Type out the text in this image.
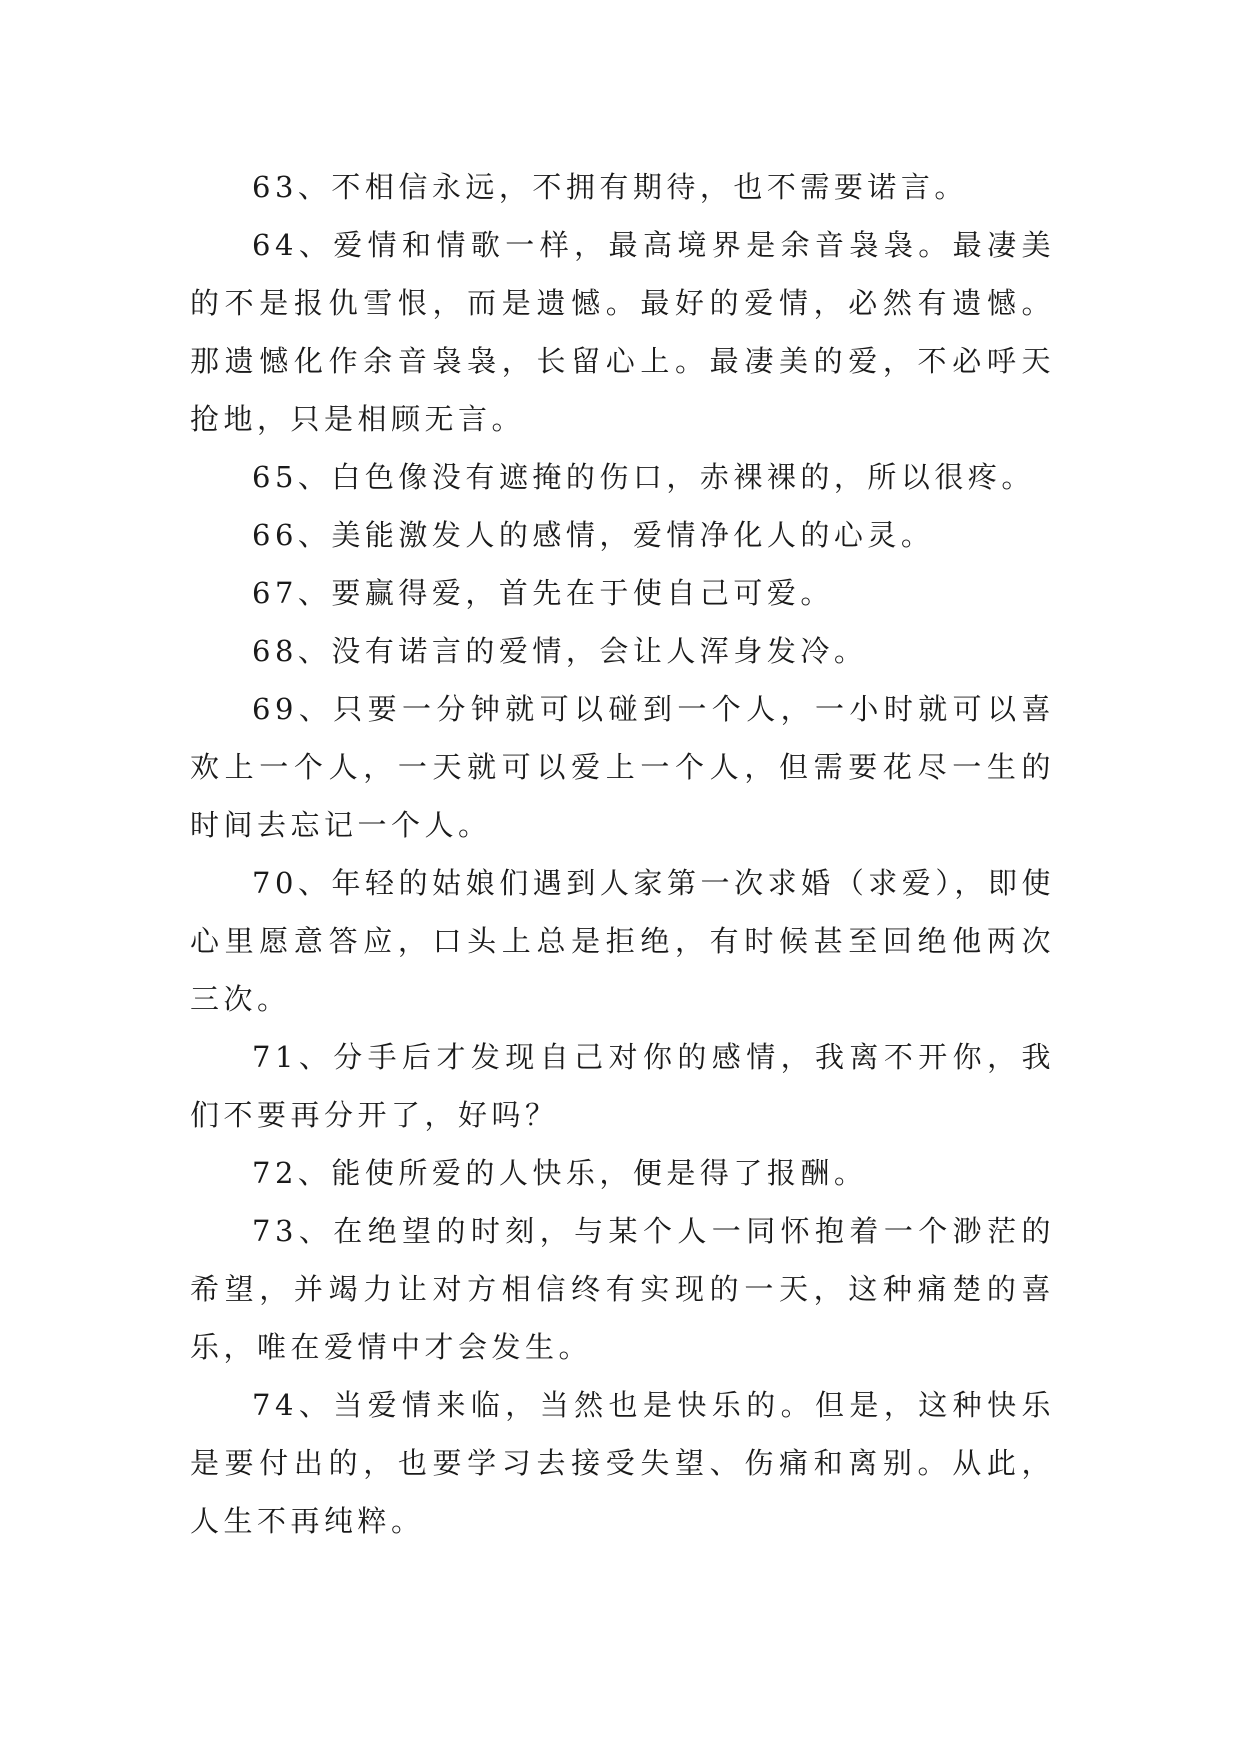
63、不相信永远，不拥有期待，也不需要诺言。

64、爱情和情歌一样，最高境界是余音袅袅。最凄美的不是报仇雪恨，而是遗憾。最好的爱情，必然有遗憾。那遗憾化作余音袅袅，长留心上。最凄美的爱，不必呼天抢地，只是相顾无言。

65、白色像没有遮掩的伤口，赤裸裸的，所以很疼。

66、美能激发人的感情，爱情净化人的心灵。

67、要赢得爱，首先在于使自己可爱。

68、没有诺言的爱情，会让人浑身发冷。

69、只要一分钟就可以碰到一个人，一小时就可以喜欢上一个人，一天就可以爱上一个人，但需要花尽一生的时间去忘记一个人。

70、年轻的姑娘们遇到人家第一次求婚（求爱），即使心里愿意答应，口头上总是拒绝，有时候甚至回绝他两次三次。

71、分手后才发现自己对你的感情，我离不开你，我们不要再分开了，好吗？

72、能使所爱的人快乐，便是得了报酬。

73、在绝望的时刻，与某个人一同怀抱着一个渺茫的希望，并竭力让对方相信终有实现的一天，这种痛楚的喜乐，唯在爱情中才会发生。

74、当爱情来临，当然也是快乐的。但是，这种快乐是要付出的，也要学习去接受失望、伤痛和离别。从此，人生不再纯粹。
